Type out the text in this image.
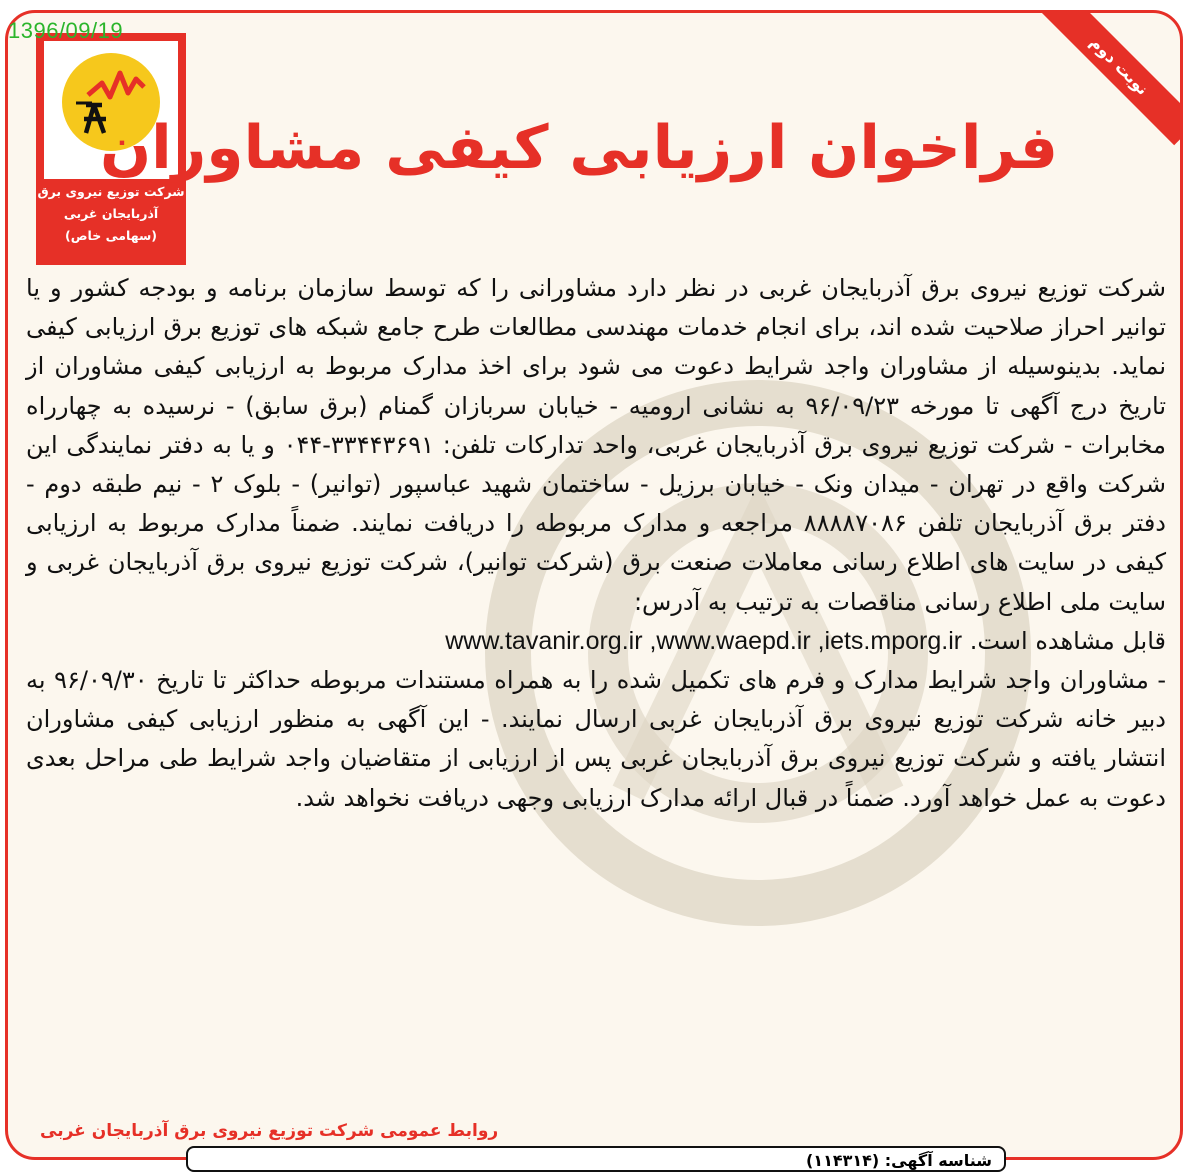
1396/09/19
شرکت توزیع نیروی برق
آذربایجان غربی
(سهامی خاص)
نوبت دوم
فراخوان ارزیابی کیفی مشاوران

شرکت توزیع نیروی برق آذربایجان غربی در نظر دارد مشاورانی را که توسط سازمان برنامه و بودجه کشور و یا توانیر احراز صلاحیت شده اند، برای انجام خدمات مهندسی مطالعات طرح جامع شبکه های توزیع برق ارزیابی کیفی نماید. بدینوسیله از مشاوران واجد شرایط دعوت می شود برای اخذ مدارک مربوط به ارزیابی کیفی مشاوران از تاریخ درج آگهی تا مورخه ۹۶/۰۹/۲۳ به نشانی ارومیه - خیابان سربازان گمنام (برق سابق) - نرسیده به چهارراه مخابرات - شرکت توزیع نیروی برق آذربایجان غربی، واحد تدارکات تلفن: ۳۳۴۴۳۶۹۱-۰۴۴ و یا به دفتر نمایندگی این شرکت واقع در تهران - میدان ونک - خیابان برزیل - ساختمان شهید عباسپور (توانیر) - بلوک ۲ - نیم طبقه دوم - دفتر برق آذربایجان تلفن ۸۸۸۸۷۰۸۶ مراجعه و مدارک مربوطه را دریافت نمایند. ضمناً مدارک مربوط به ارزیابی کیفی در سایت های اطلاع رسانی معاملات صنعت برق (شرکت توانیر)، شرکت توزیع نیروی برق آذربایجان غربی و سایت ملی اطلاع رسانی مناقصات به ترتیب به آدرس:

قابل مشاهده است. www.tavanir.org.ir ,www.waepd.ir ,iets.mporg.ir

- مشاوران واجد شرایط مدارک و فرم های تکمیل شده را به همراه مستندات مربوطه حداکثر تا تاریخ ۹۶/۰۹/۳۰ به دبیر خانه شرکت توزیع نیروی برق آذربایجان غربی ارسال نمایند. - این آگهی به منظور ارزیابی کیفی مشاوران انتشار یافته و شرکت توزیع نیروی برق آذربایجان غربی پس از ارزیابی از متقاضیان واجد شرایط طی مراحل بعدی دعوت به عمل خواهد آورد. ضمناً در قبال ارائه مدارک ارزیابی وجهی دریافت نخواهد شد.

روابط عمومی شرکت توزیع نیروی برق آذربایجان غربی
شناسه آگهی: (۱۱۴۳۱۴)
